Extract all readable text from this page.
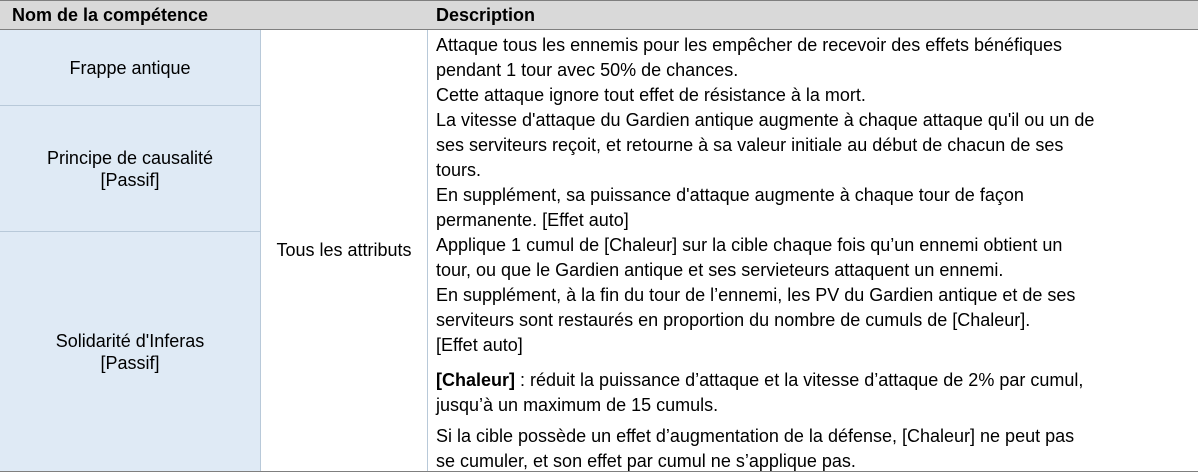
Nom de la compétence	Description
Frappe antique
Principe de causalité
[Passif]
Solidarité d'Inferas
[Passif]
Tous les attributs

Attaque tous les ennemis pour les empêcher de recevoir des effets bénéfiques

pendant 1 tour avec 50% de chances.

Cette attaque ignore tout effet de résistance à la mort.

La vitesse d'attaque du Gardien antique augmente à chaque attaque qu'il ou un de

ses serviteurs reçoit, et retourne à sa valeur initiale au début de chacun de ses

tours.

En supplément, sa puissance d'attaque augmente à chaque tour de façon

permanente. [Effet auto]

Applique 1 cumul de [Chaleur] sur la cible chaque fois qu’un ennemi obtient un

tour, ou que le Gardien antique et ses servieteurs attaquent un ennemi.

En supplément, à la fin du tour de l’ennemi, les PV du Gardien antique et de ses

serviteurs sont restaurés en proportion du nombre de cumuls de [Chaleur].

[Effet auto]

[Chaleur] : réduit la puissance d’attaque et la vitesse d’attaque de 2% par cumul,

jusqu’à un maximum de 15 cumuls.

Si la cible possède un effet d’augmentation de la défense, [Chaleur] ne peut pas

se cumuler, et son effet par cumul ne s’applique pas.
